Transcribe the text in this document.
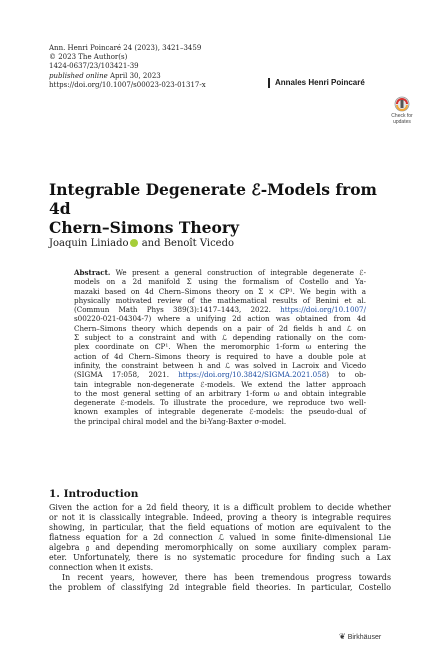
Ann. Henri Poincaré 24 (2023), 3421–3459
© 2023 The Author(s)
1424-0637/23/103421-39
published online April 30, 2023
https://doi.org/10.1007/s00023-023-01317-x	Annales Henri Poincaré
Check for
updates
Integrable Degenerate ℰ-Models from 4d
Chern–Simons Theory
Joaquin Liniado and Benoît Vicedo
Abstract. We present a general construction of integrable degenerate ℰ-
models on a 2d manifold Σ using the formalism of Costello and Ya-
mazaki based on 4d Chern–Simons theory on Σ × ℂP¹. We begin with a
physically motivated review of the mathematical results of Benini et al.
(Commun Math Phys 389(3):1417–1443, 2022. https://doi.org/10.1007/
s00220-021-04304-7) where a unifying 2d action was obtained from 4d
Chern–Simons theory which depends on a pair of 2d fields h and ℒ on
Σ subject to a constraint and with ℒ depending rationally on the com-
plex coordinate on ℂP¹. When the meromorphic 1-form ω entering the
action of 4d Chern–Simons theory is required to have a double pole at
infinity, the constraint between h and ℒ was solved in Lacroix and Vicedo
(SIGMA 17:058, 2021. https://doi.org/10.3842/SIGMA.2021.058) to ob-
tain integrable non-degenerate ℰ-models. We extend the latter approach
to the most general setting of an arbitrary 1-form ω and obtain integrable
degenerate ℰ-models. To illustrate the procedure, we reproduce two well-
known examples of integrable degenerate ℰ-models: the pseudo-dual of
the principal chiral model and the bi-Yang-Baxter σ-model.
1. Introduction
Given the action for a 2d field theory, it is a difficult problem to decide whether
or not it is classically integrable. Indeed, proving a theory is integrable requires
showing, in particular, that the field equations of motion are equivalent to the
flatness equation for a 2d connection ℒ valued in some finite-dimensional Lie
algebra 𝔤 and depending meromorphically on some auxiliary complex param-
eter. Unfortunately, there is no systematic procedure for finding such a Lax
connection when it exists.
In recent years, however, there has been tremendous progress towards
the problem of classifying 2d integrable field theories. In particular, Costello
❦ Birkhäuser
